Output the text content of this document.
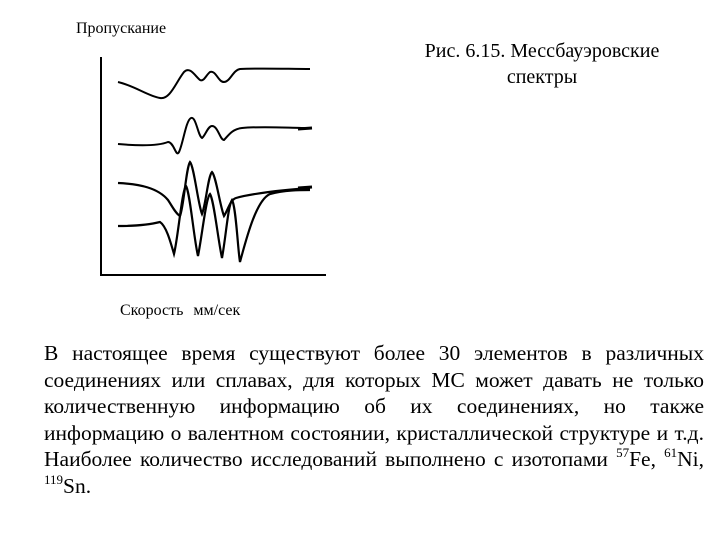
Пропускание
Скорость мм/сек
Рис. 6.15. Мессбауэровские
спектры
В настоящее время существуют более 30 элементов в различных соединениях или сплавах, для которых МС может давать не только количественную информацию об их соединениях, но также информацию о валентном состоянии, кристаллической структуре и т.д. Наиболее количество исследований выполнено с изотопами $^{57}$Fe, $^{61}$Ni, $^{119}$Sn.
